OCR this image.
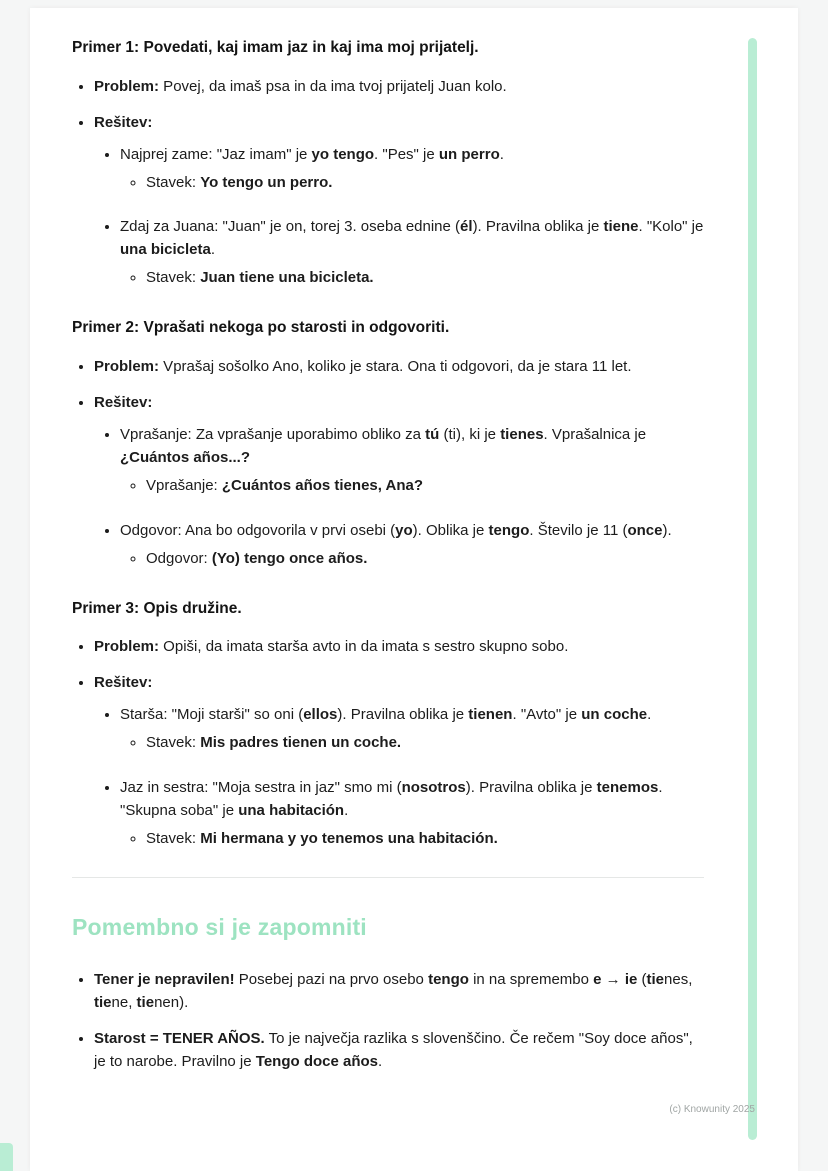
Primer 1: Povedati, kaj imam jaz in kaj ima moj prijatelj.
• Problem: Povej, da imaš psa in da ima tvoj prijatelj Juan kolo.
• Rešitev:
• Najprej zame: "Jaz imam" je yo tengo. "Pes" je un perro.
◦ Stavek: Yo tengo un perro.
• Zdaj za Juana: "Juan" je on, torej 3. oseba ednine (él). Pravilna oblika je tiene. "Kolo" je una bicicleta.
◦ Stavek: Juan tiene una bicicleta.
Primer 2: Vprašati nekoga po starosti in odgovoriti.
• Problem: Vprašaj sošolko Ano, koliko je stara. Ona ti odgovori, da je stara 11 let.
• Rešitev:
• Vprašanje: Za vprašanje uporabimo obliko za tú (ti), ki je tienes. Vprašalnica je ¿Cuántos años...?
◦ Vprašanje: ¿Cuántos años tienes, Ana?
• Odgovor: Ana bo odgovorila v prvi osebi (yo). Oblika je tengo. Število je 11 (once).
◦ Odgovor: (Yo) tengo once años.
Primer 3: Opis družine.
• Problem: Opiši, da imata starša avto in da imata s sestro skupno sobo.
• Rešitev:
• Starša: "Moji starši" so oni (ellos). Pravilna oblika je tienen. "Avto" je un coche.
◦ Stavek: Mis padres tienen un coche.
• Jaz in sestra: "Moja sestra in jaz" smo mi (nosotros). Pravilna oblika je tenemos. "Skupna soba" je una habitación.
◦ Stavek: Mi hermana y yo tenemos una habitación.
Pomembno si je zapomniti
• Tener je nepravilen! Posebej pazi na prvo osebo tengo in na spremembo e → ie (tienes, tiene, tienen).
• Starost = TENER AÑOS. To je največja razlika s slovenščino. Če rečem "Soy doce años", je to narobe. Pravilno je Tengo doce años.
(c) Knowunity 2025
